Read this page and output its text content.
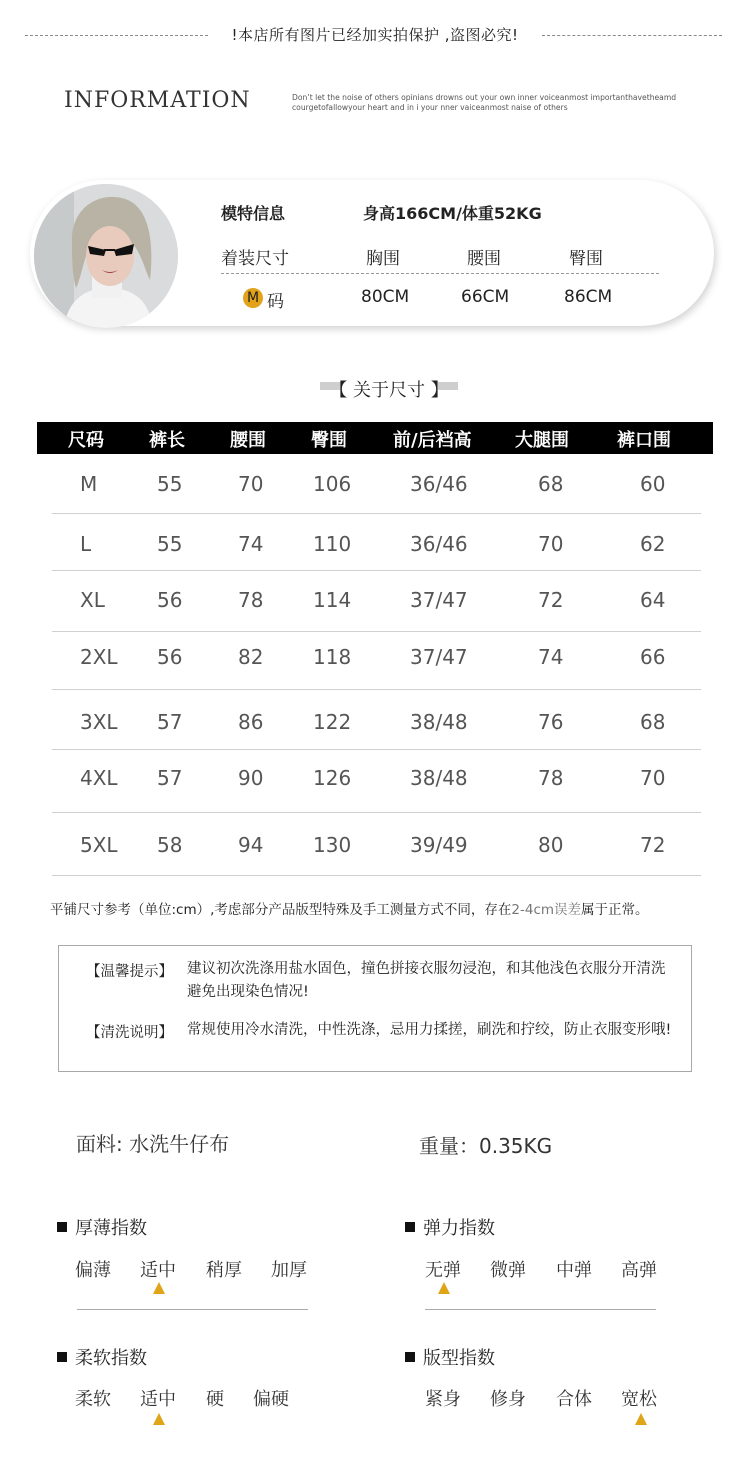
!本店所有图片已经加实拍保护 ,盗图必究!
INFORMATION	Don’t let the noise of others opinians drowns out your own inner voiceanmost importanthavetheamd courgetofallowyour heart and in i your nner vaiceanmost naise of others
模特信息	身高166CM/体重52KG
着装尺寸	胸围	腰围	臀围
M 码	80CM	66CM	86CM
【 关于尺寸 】
尺码	裤长	腰围	臀围	前/后裆高 大腿围	裤口围
M	55	70 106	36/46	68	60
L	55	74 110	36/46	70	62
XL	56	78 114	37/47	72	64
2XL 56	82 118	37/47	74	66
3XL 57	86 122	38/48	76	68
4XL 57	90 126	38/48	78	70
5XL 58	94 130	39/49	80	72
平铺尺寸参考（单位:cm）,考虑部分产品版型特殊及手工测量方式不同，存在2-4cm误差属于正常。
【温馨提示】 建议初次洗涤用盐水固色，撞色拼接衣服勿浸泡，和其他浅色衣服分开清洗避免出现染色情况!
【清洗说明】 常规使用冷水清洗，中性洗涤，忌用力揉搓，刷洗和拧绞，防止衣服变形哦!
面料: 水洗牛仔布	重量：0.35KG
厚薄指数
偏薄 适中 稍厚 加厚
弹力指数
无弹 微弹 中弹 高弹
柔软指数
柔软 适中 硬 偏硬
版型指数
紧身 修身 合体 宽松
